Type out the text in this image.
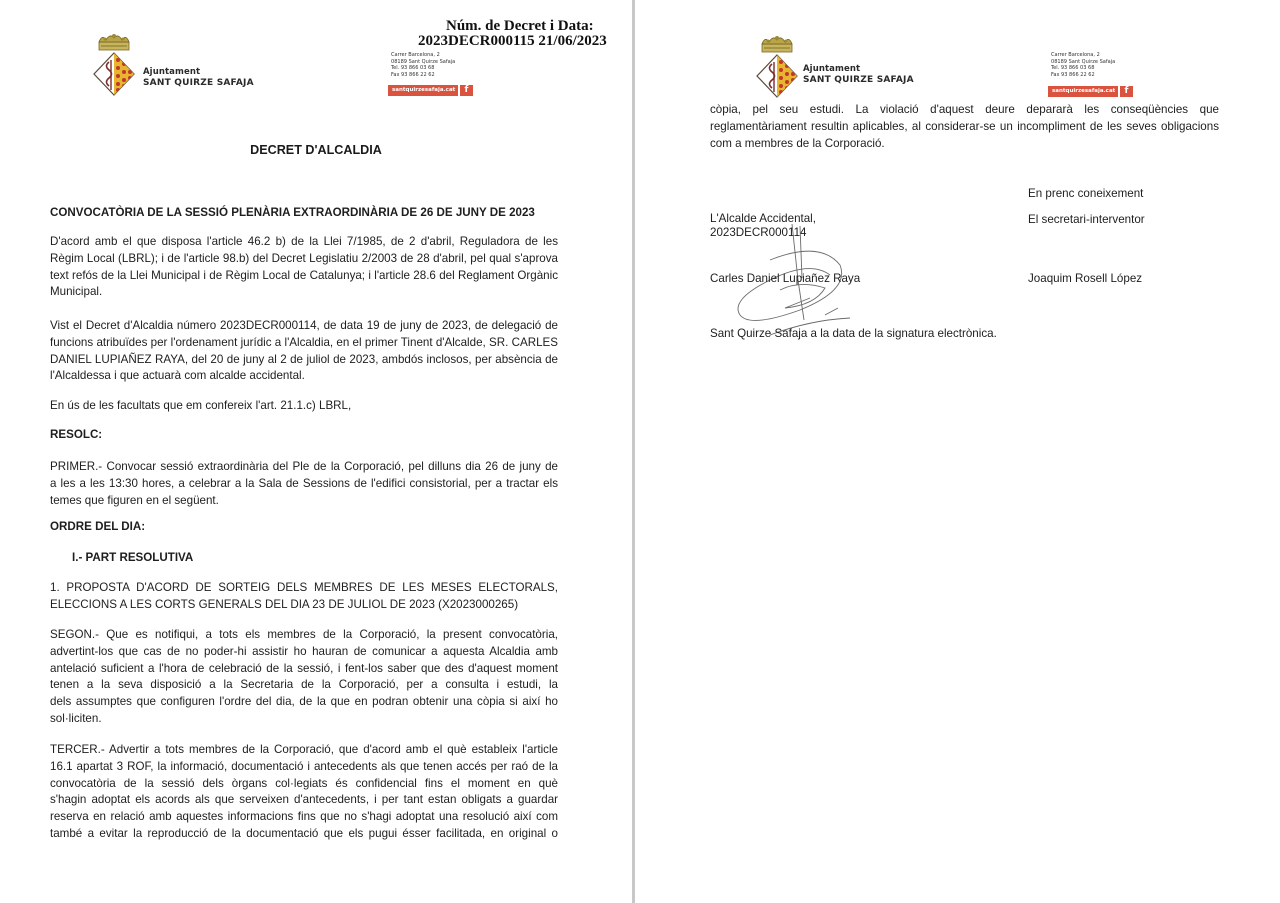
Ajuntament
SANT QUIRZE SAFAJA
Carrer Barcelona, 2
08189 Sant Quirze Safaja
Tel. 93 866 03 68
Fax 93 866 22 62
santquirzesafaja.cat	f
Núm. de Decret i Data:
2023DECR000115 21/06/2023
DECRET D'ALCALDIA
CONVOCATÒRIA DE LA SESSIÓ PLENÀRIA EXTRAORDINÀRIA DE 26 DE JUNY DE 2023
D'acord amb el que disposa l'article 46.2 b) de la Llei 7/1985, de 2 d'abril, Reguladora de les
Règim Local (LBRL); i de l'article 98.b) del Decret Legislatiu 2/2003 de 28 d'abril, pel qual s'aprova
text refós de la Llei Municipal i de Règim Local de Catalunya; i l'article 28.6 del Reglament Orgànic
Municipal.
Vist el Decret d'Alcaldia número 2023DECR000114, de data 19 de juny de 2023, de delegació de
funcions atribuïdes per l'ordenament jurídic a l'Alcaldia, en el primer Tinent d'Alcalde, SR. CARLES
DANIEL LUPIAÑEZ RAYA, del 20 de juny al 2 de juliol de 2023, ambdós inclosos, per absència de
l'Alcaldessa i que actuarà com alcalde accidental.
En ús de les facultats que em confereix l'art. 21.1.c) LBRL,
RESOLC:
PRIMER.- Convocar sessió extraordinària del Ple de la Corporació, pel dilluns dia 26 de juny de
a les a les 13:30 hores, a celebrar a la Sala de Sessions de l'edifici consistorial, per a tractar els
temes que figuren en el següent.
ORDRE DEL DIA:
I.- PART RESOLUTIVA
1. PROPOSTA D'ACORD DE SORTEIG DELS MEMBRES DE LES MESES ELECTORALS,
ELECCIONS A LES CORTS GENERALS DEL DIA 23 DE JULIOL DE 2023 (X2023000265)
SEGON.- Que es notifiqui, a tots els membres de la Corporació, la present convocatòria,
advertint-los que cas de no poder-hi assistir ho hauran de comunicar a aquesta Alcaldia amb
antelació suficient a l'hora de celebració de la sessió, i fent-los saber que des d'aquest moment
tenen a la seva disposició a la Secretaria de la Corporació, per a consulta i estudi, la
dels assumptes que configuren l'ordre del dia, de la que en podran obtenir una còpia si així ho
sol·liciten.
TERCER.- Advertir a tots membres de la Corporació, que d'acord amb el què estableix l'article
16.1 apartat 3 ROF, la informació, documentació i antecedents als que tenen accés per raó de la
convocatòria de la sessió dels òrgans col·legiats és confidencial fins el moment en què
s'hagin adoptat els acords als que serveixen d'antecedents, i per tant estan obligats a guardar
reserva en relació amb aquestes informacions fins que no s'hagi adoptat una resolució així com
també a evitar la reproducció de la documentació que els pugui ésser facilitada, en original o
Ajuntament
SANT QUIRZE SAFAJA
Carrer Barcelona, 2
08189 Sant Quirze Safaja
Tel. 93 866 03 68
Fax 93 866 22 62
santquirzesafaja.cat	f
còpia, pel seu estudi. La violació d'aquest deure depararà les conseqüències que
reglamentàriament resultin aplicables, al considerar-se un incompliment de les seves obligacions
com a membres de la Corporació.
En prenc coneixement
L'Alcalde Accidental,
2023DECR000114
El secretari-interventor
Carles Daniel Lupiañez Raya	Joaquim Rosell López
Sant Quirze Safaja a la data de la signatura electrònica.
